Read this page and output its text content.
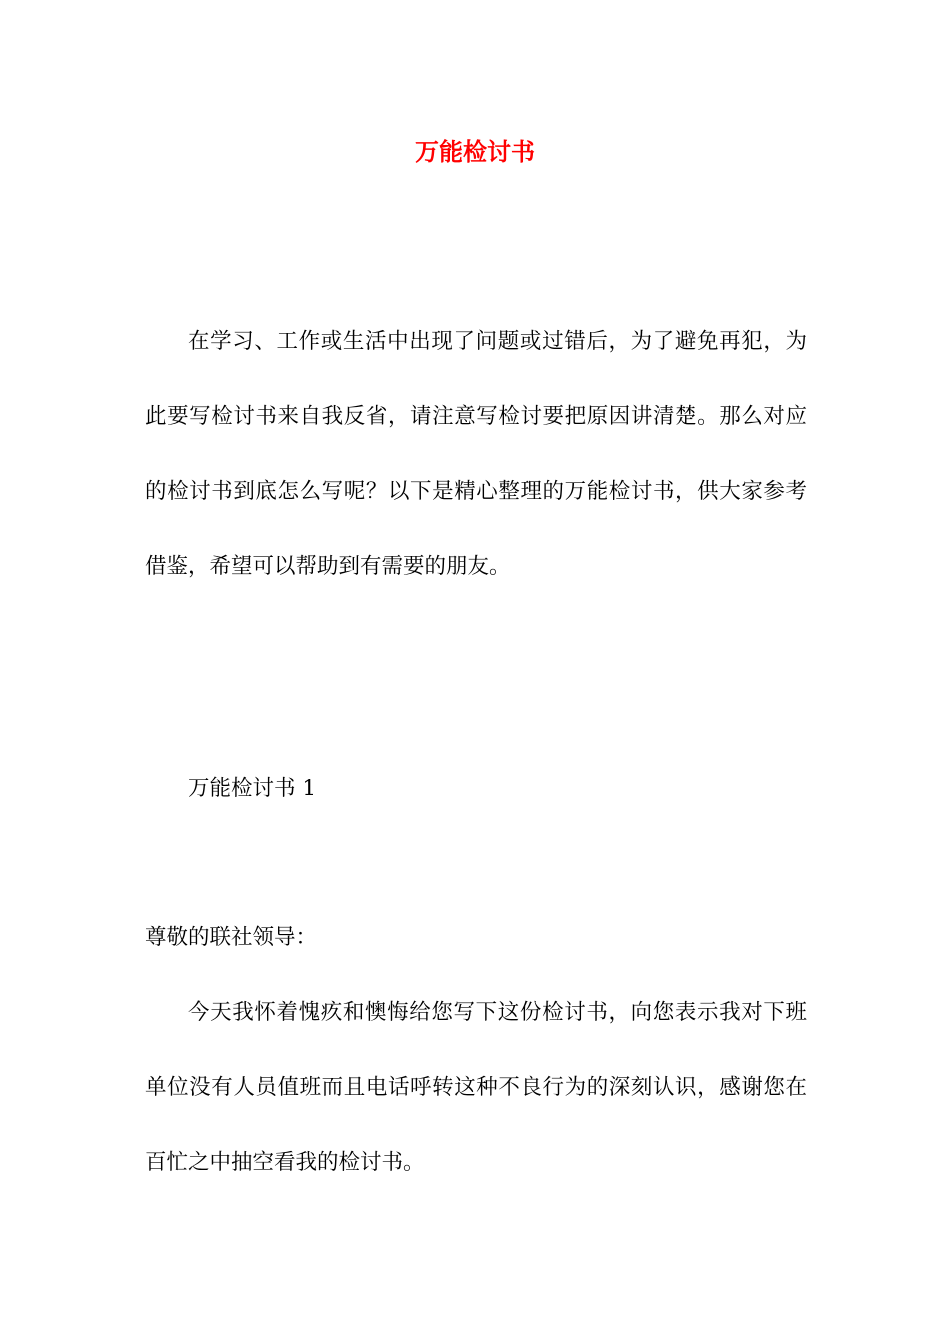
万能检讨书

在学习、工作或生活中出现了问题或过错后，为了避免再犯，为此要写检讨书来自我反省，请注意写检讨要把原因讲清楚。那么对应的检讨书到底怎么写呢？以下是精心整理的万能检讨书，供大家参考借鉴，希望可以帮助到有需要的朋友。

万能检讨书 1

尊敬的联社领导：

今天我怀着愧疚和懊悔给您写下这份检讨书，向您表示我对下班单位没有人员值班而且电话呼转这种不良行为的深刻认识，感谢您在百忙之中抽空看我的检讨书。
